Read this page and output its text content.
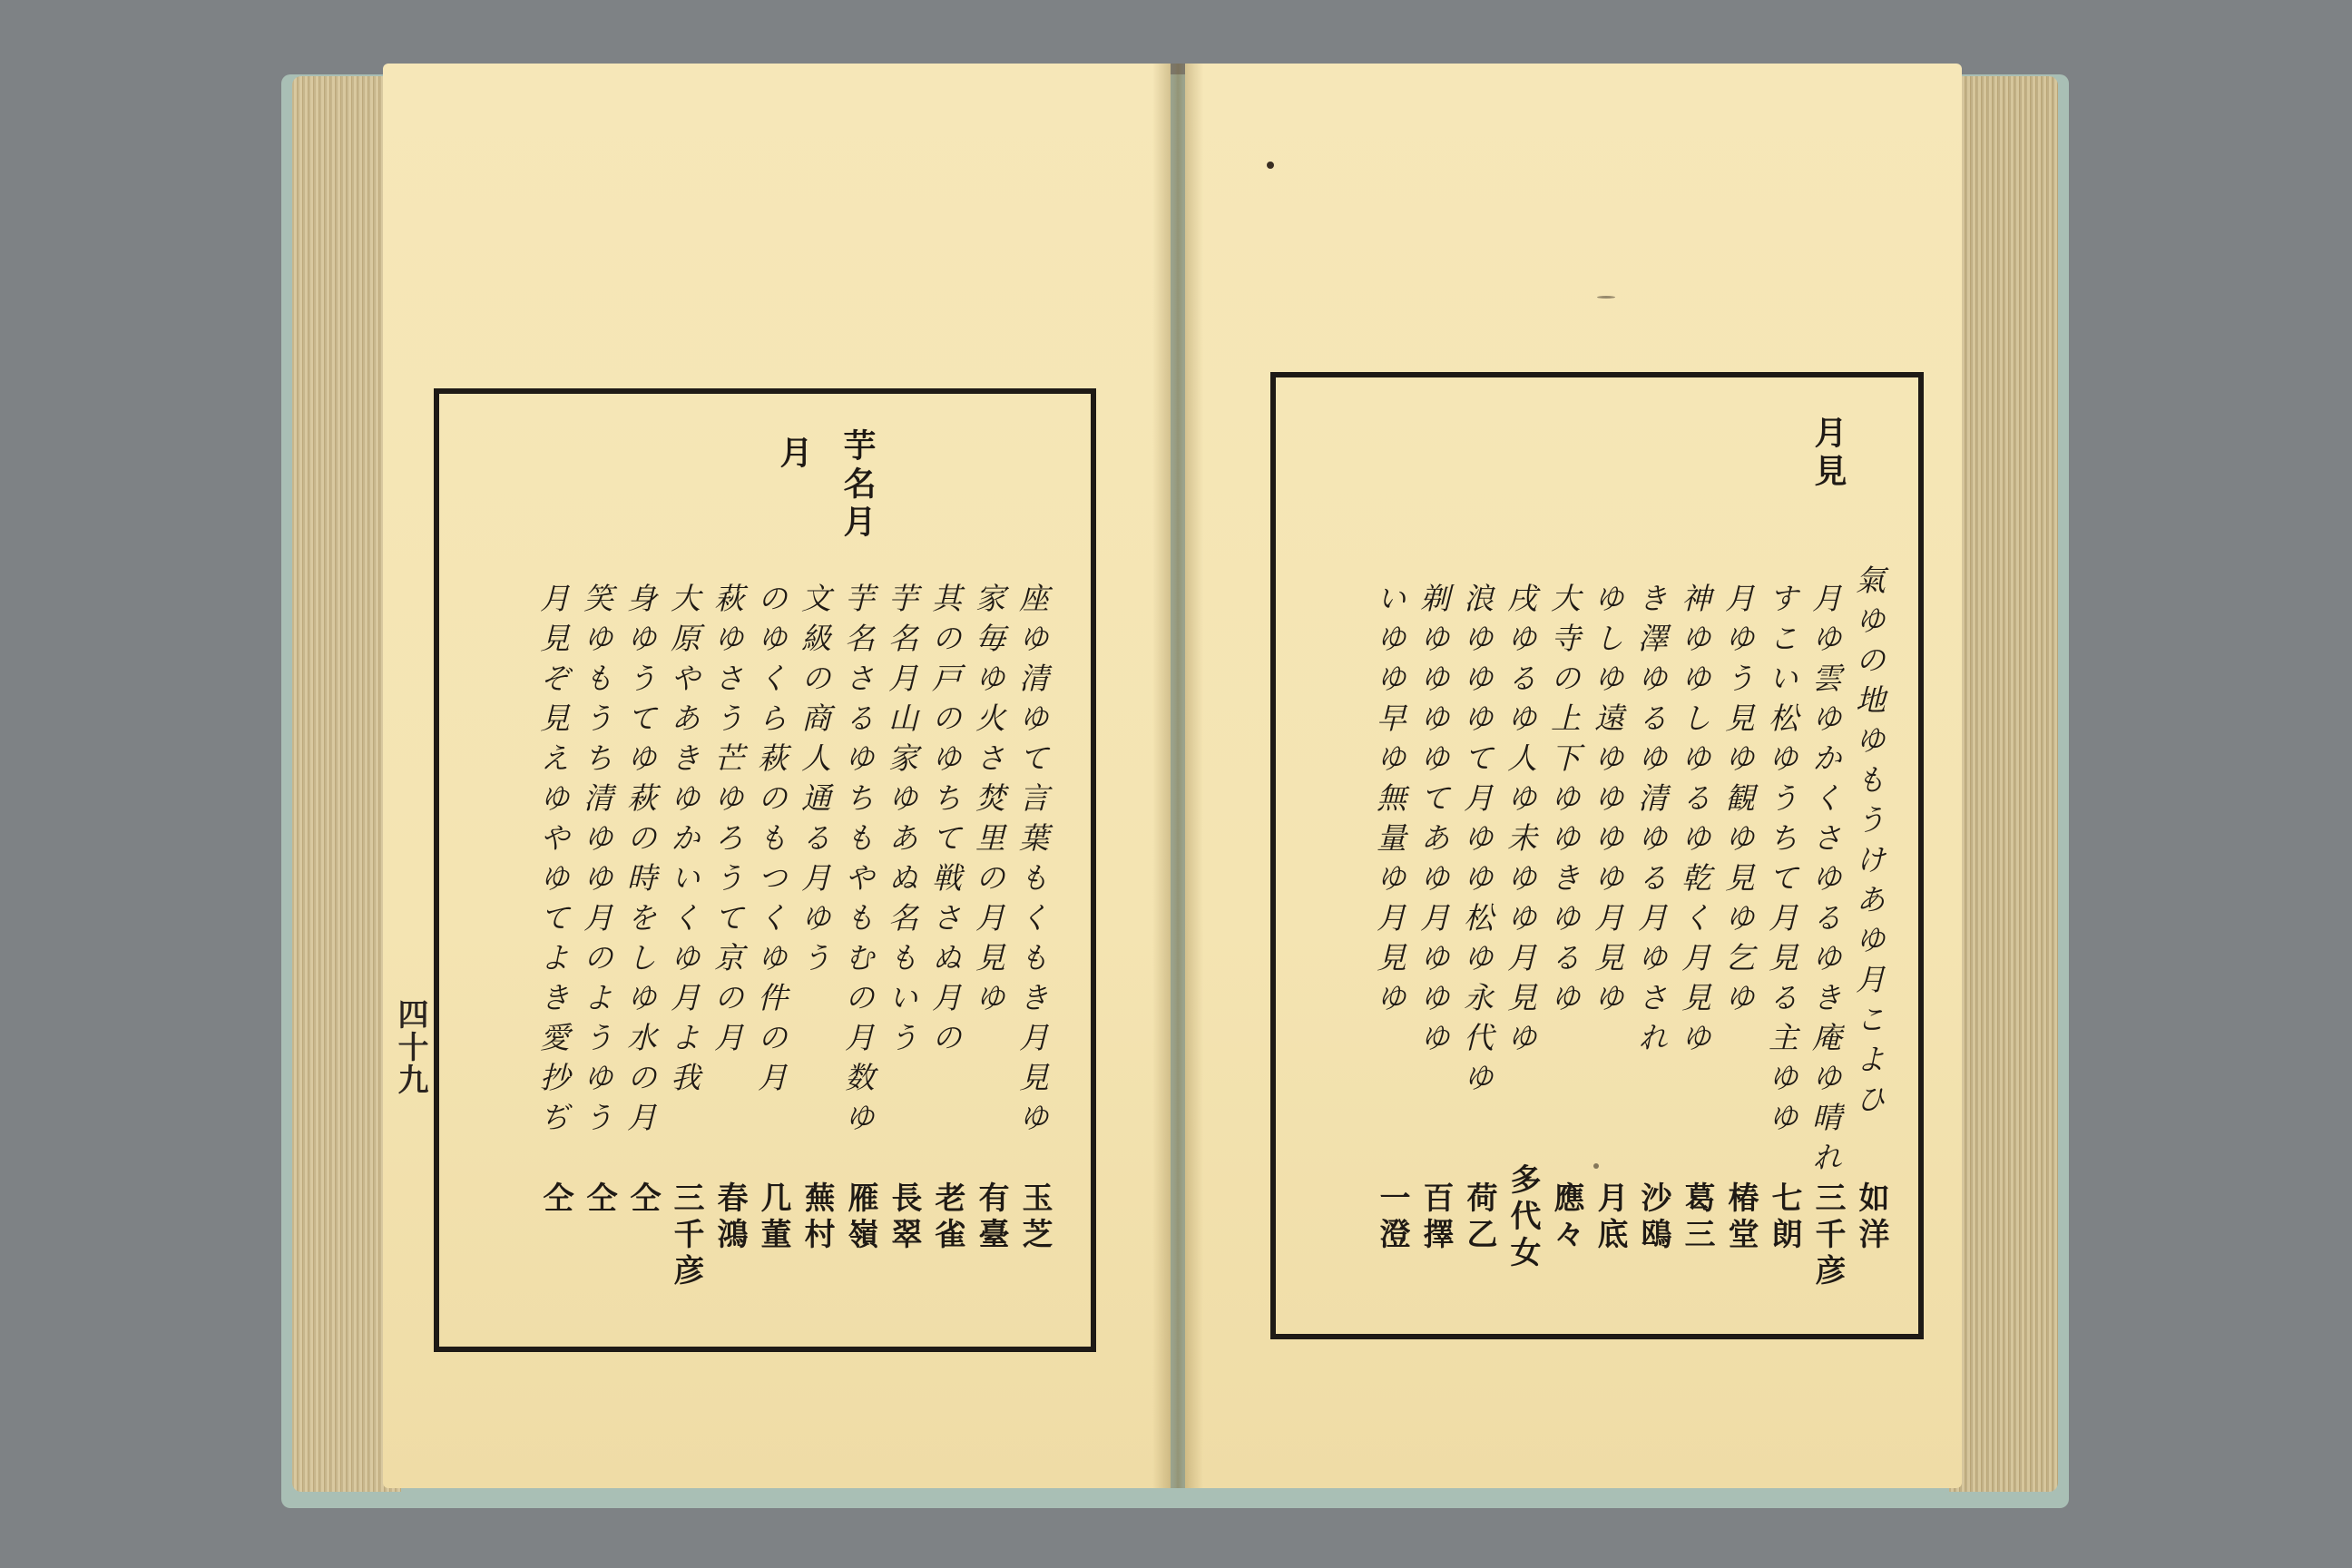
四十九
芋名月
月
座ゆ清ゆて言葉もくもき月見ゆ
家毎ゆ火さ焚里の月見ゆ
其の戸のゆちて戦さぬ月の
芋名月山家ゆあぬ名もいう
芋名さるゆちもやもむの月数ゆ
文級の商人通る月ゆう
のゆくら萩のもつくゆ件の月
萩ゆさう芒ゆろうて京の月
大原やあきゆかいくゆ月よ我
身ゆうてゆ萩の時をしゆ水の月
笑ゆもうち清ゆゆ月のようゆう
月見ぞ見えゆやゆてよき愛抄ぢ
玉芝
有臺
老雀
長翠
雁嶺
蕪村
几董
春鴻
三千彦
仝
仝
仝
月見
氣ゆの地ゆもうけあゆ月こよひ
月ゆ雲ゆかくさゆるゆき庵ゆ晴れ
すこい松ゆうちて月見る主ゆゆ
月ゆう見ゆ観ゆ見ゆ乞ゆ
神ゆゆしゆるゆ乾く月見ゆ
き澤ゆるゆ清ゆる月ゆされ
ゆしゆ遠ゆゆゆゆ月見ゆ
大寺の上下ゆゆきゆるゆ
戌ゆるゆ人ゆ未ゆゆ月見ゆ
浪ゆゆゆて月ゆゆ松ゆ永代ゆ
剃ゆゆゆゆてあゆ月ゆゆゆ
いゆゆ早ゆ無量ゆ月見ゆ
如洋
三千彦
七朗
椿堂
葛三
沙鴎
月底
應々
多代女
荷乙
百擇
一澄
